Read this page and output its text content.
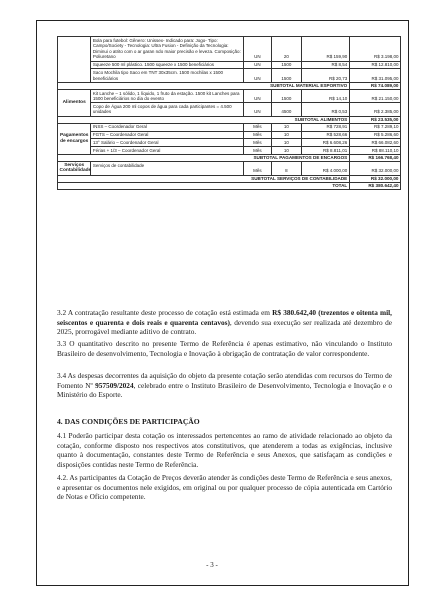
	Bola para futebol: Gênero: Unissex- Indicado para: Jogo- Tipo: Campo/Society - Tecnologia: Ultra Fusion - Definição da Tecnologia: Diminui o atrito com o ar garan ndo maior precisão e leveza. Composição: Poliuretano	UN	20	R$ 159,90	R$ 3.198,00
	Squeeze 500 ml plástico. 1500 squeeze x 1500 beneficiários	UN	1500	R$ 8,54	R$ 12.810,00
	Saco Mochila tipo Saco em TNT 30x35cm. 1500 mochilas x 1500 beneficiários	UN	1500	R$ 20,73	R$ 31.095,00
SUBTOTAL MATERIAL ESPORTIVO					R$ 74.089,00
Alimentos	Kit Lanche – 1 sólido, 1 líquido, 1 fruto da estação. 1500 kit Lanches para 1500 beneficiários no dia do evento	UN	1500	R$ 14,10	R$ 21.150,00
	Copo de Água 200 ml copos de água para cada participantes = 4.500 unidades	UN	4500	R$ 0,53	R$ 2.385,00
SUBTOTAL ALIMENTOS					R$ 23.535,00
Pagamentos de encargos	INSS – Coordenador Geral	Mês	10	R$ 728,91	R$ 7.289,10
	FGTS – Coordenador Geral	Mês	10	R$ 528,66	R$ 5.286,60
	13° Salário – Coordenador Geral	Mês	10	R$ 6.608,26	R$ 66.082,60
	Férias + 1/3 – Coordenador Geral	Mês	10	R$ 8.811,01	R$ 88.110,10
SUBTOTAL PAGAMENTOS DE ENCARGOS					R$ 166.768,40
Serviços Contabilidade	Serviços de contabilidade	Mês	8	R$ 4.000,00	R$ 32.000,00
SUBTOTAL SERVIÇOS DE CONTABILIDADE					R$ 32.000,00
TOTAL					R$ 380.642,40

3.2 A contratação resultante deste processo de cotação está estimada em R$ 380.642,40 (trezentos e oitenta mil, seiscentos e quarenta e dois reais e quarenta centavos), devendo sua execução ser realizada até dezembro de 2025, prorrogável mediante aditivo de contrato.

3.3 O quantitativo descrito no presente Termo de Referência é apenas estimativo, não vinculando o Instituto Brasileiro de desenvolvimento, Tecnologia e Inovação à obrigação de contratação de valor correspondente.

3.4 As despesas decorrentes da aquisição do objeto da presente cotação serão atendidas com recursos do Termo de Fomento Nº 957509/2024, celebrado entre o Instituto Brasileiro de Desenvolvimento, Tecnologia e Inovação e o Ministério do Esporte.

4. DAS CONDIÇÕES DE PARTICIPAÇÃO

4.1 Poderão participar desta cotação os interessados pertencentes ao ramo de atividade relacionado ao objeto da cotação, conforme disposto nos respectivos atos constitutivos, que atenderem a todas as exigências, inclusive quanto à documentação, constantes deste Termo de Referência e seus Anexos, que satisfaçam as condições e disposições contidas neste Termo de Referência.

4.2. As participantes da Cotação de Preços deverão atender às condições deste Termo de Referência e seus anexos, e apresentar os documentos nele exigidos, em original ou por qualquer processo de cópia autenticada em Cartório de Notas e Ofício competente.

- 3 -
